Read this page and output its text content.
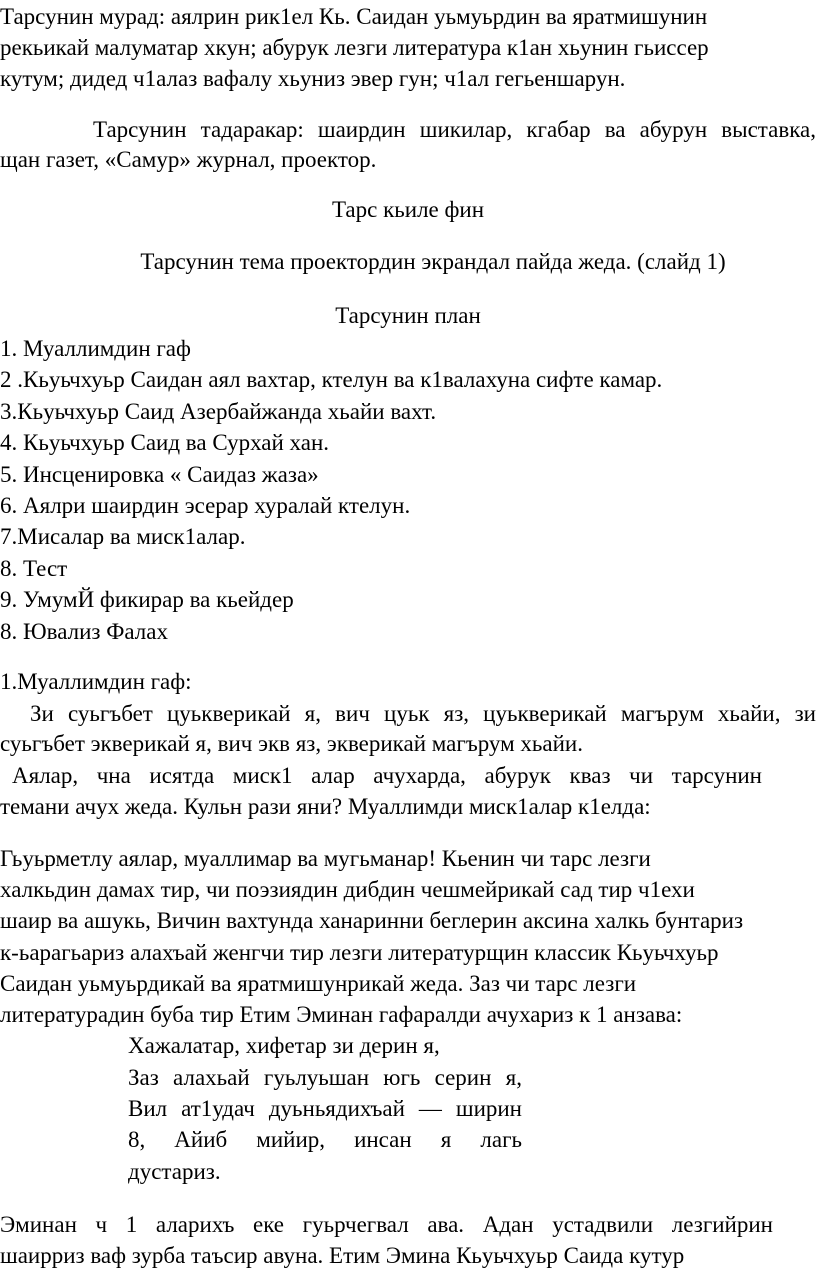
Тарсунин мурад: аялрин рик1ел Кь. Саидан уьмуьрдин ва яратмишунин
рекьикай малуматар хкун; абурук лезги литература к1ан хьунин гьиссер
кутум; дидед ч1алаз вафалу хьуниз эвер гун; ч1ал гегьеншарун.
Тарсунин тадаракар: шаирдин шикилар, кгабар ва абурун выставка,
щан газет, «Самур» журнал, проектор.
Тарс кьиле фин
Тарсунин тема проектордин экрандал пайда жеда. (слайд 1)
Тарсунин план
1. Муаллимдин гаф
2 .Кьуьчхуьр Саидан аял вахтар, ктелун ва к1валахуна сифте камар.
3.Кьуьчхуьр Саид Азербайжанда хьайи вахт.
4. Кьуьчхуьр Саид ва Сурхай хан.
5. Инсценировка « Саидаз жаза»
6. Аялри шаирдин эсерар хуралай ктелун.
7.Мисалар ва миск1алар.
8. Тест
9. УмумЙ фикирар ва кьейдер
8. Ювализ Фалах
1.Муаллимдин гаф:
Зи суьгъбет цуькверикай я, вич цуьк яз, цуькверикай магърум хьайи, зи
суьгъбет экверикай я, вич экв яз, экверикай магърум хьайи.
Аялар, чна исятда миск1 алар ачухарда, абурук кваз чи тарсунин
темани ачух жеда. Кульн рази яни? Муаллимди миск1алар к1елда:
Гьуьрметлу аялар, муаллимар ва мугьманар! Кьенин чи тарс лезги
халкьдин дамах тир, чи поэзиядин дибдин чешмейрикай сад тир ч1ехи
шаир ва ашукь, Вичин вахтунда ханаринни беглерин аксина халкь бунтариз
к-ьарагьариз алахъай женгчи тир лезги литературщин классик Кьуьчхуьр
Саидан уьмуьрдикай ва яратмишунрикай жеда. Заз чи тарс лезги
литературадин буба тир Етим Эминан гафаралди ачухариз к 1 анзава:
Хажалатар, хифетар зи дерин я,
Заз алахьай гуьлуьшан югь серин я,
Вил ат1удач дуьньядихъай — ширин
8, Айиб мийир, инсан я лагь
дустариз.
Эминан ч 1 аларихъ еке гуьрчегвал ава. Адан устадвили лезгийрин
шаирриз ваф зурба таъсир авуна. Етим Эмина Кьуьчхуьр Саида кутур
